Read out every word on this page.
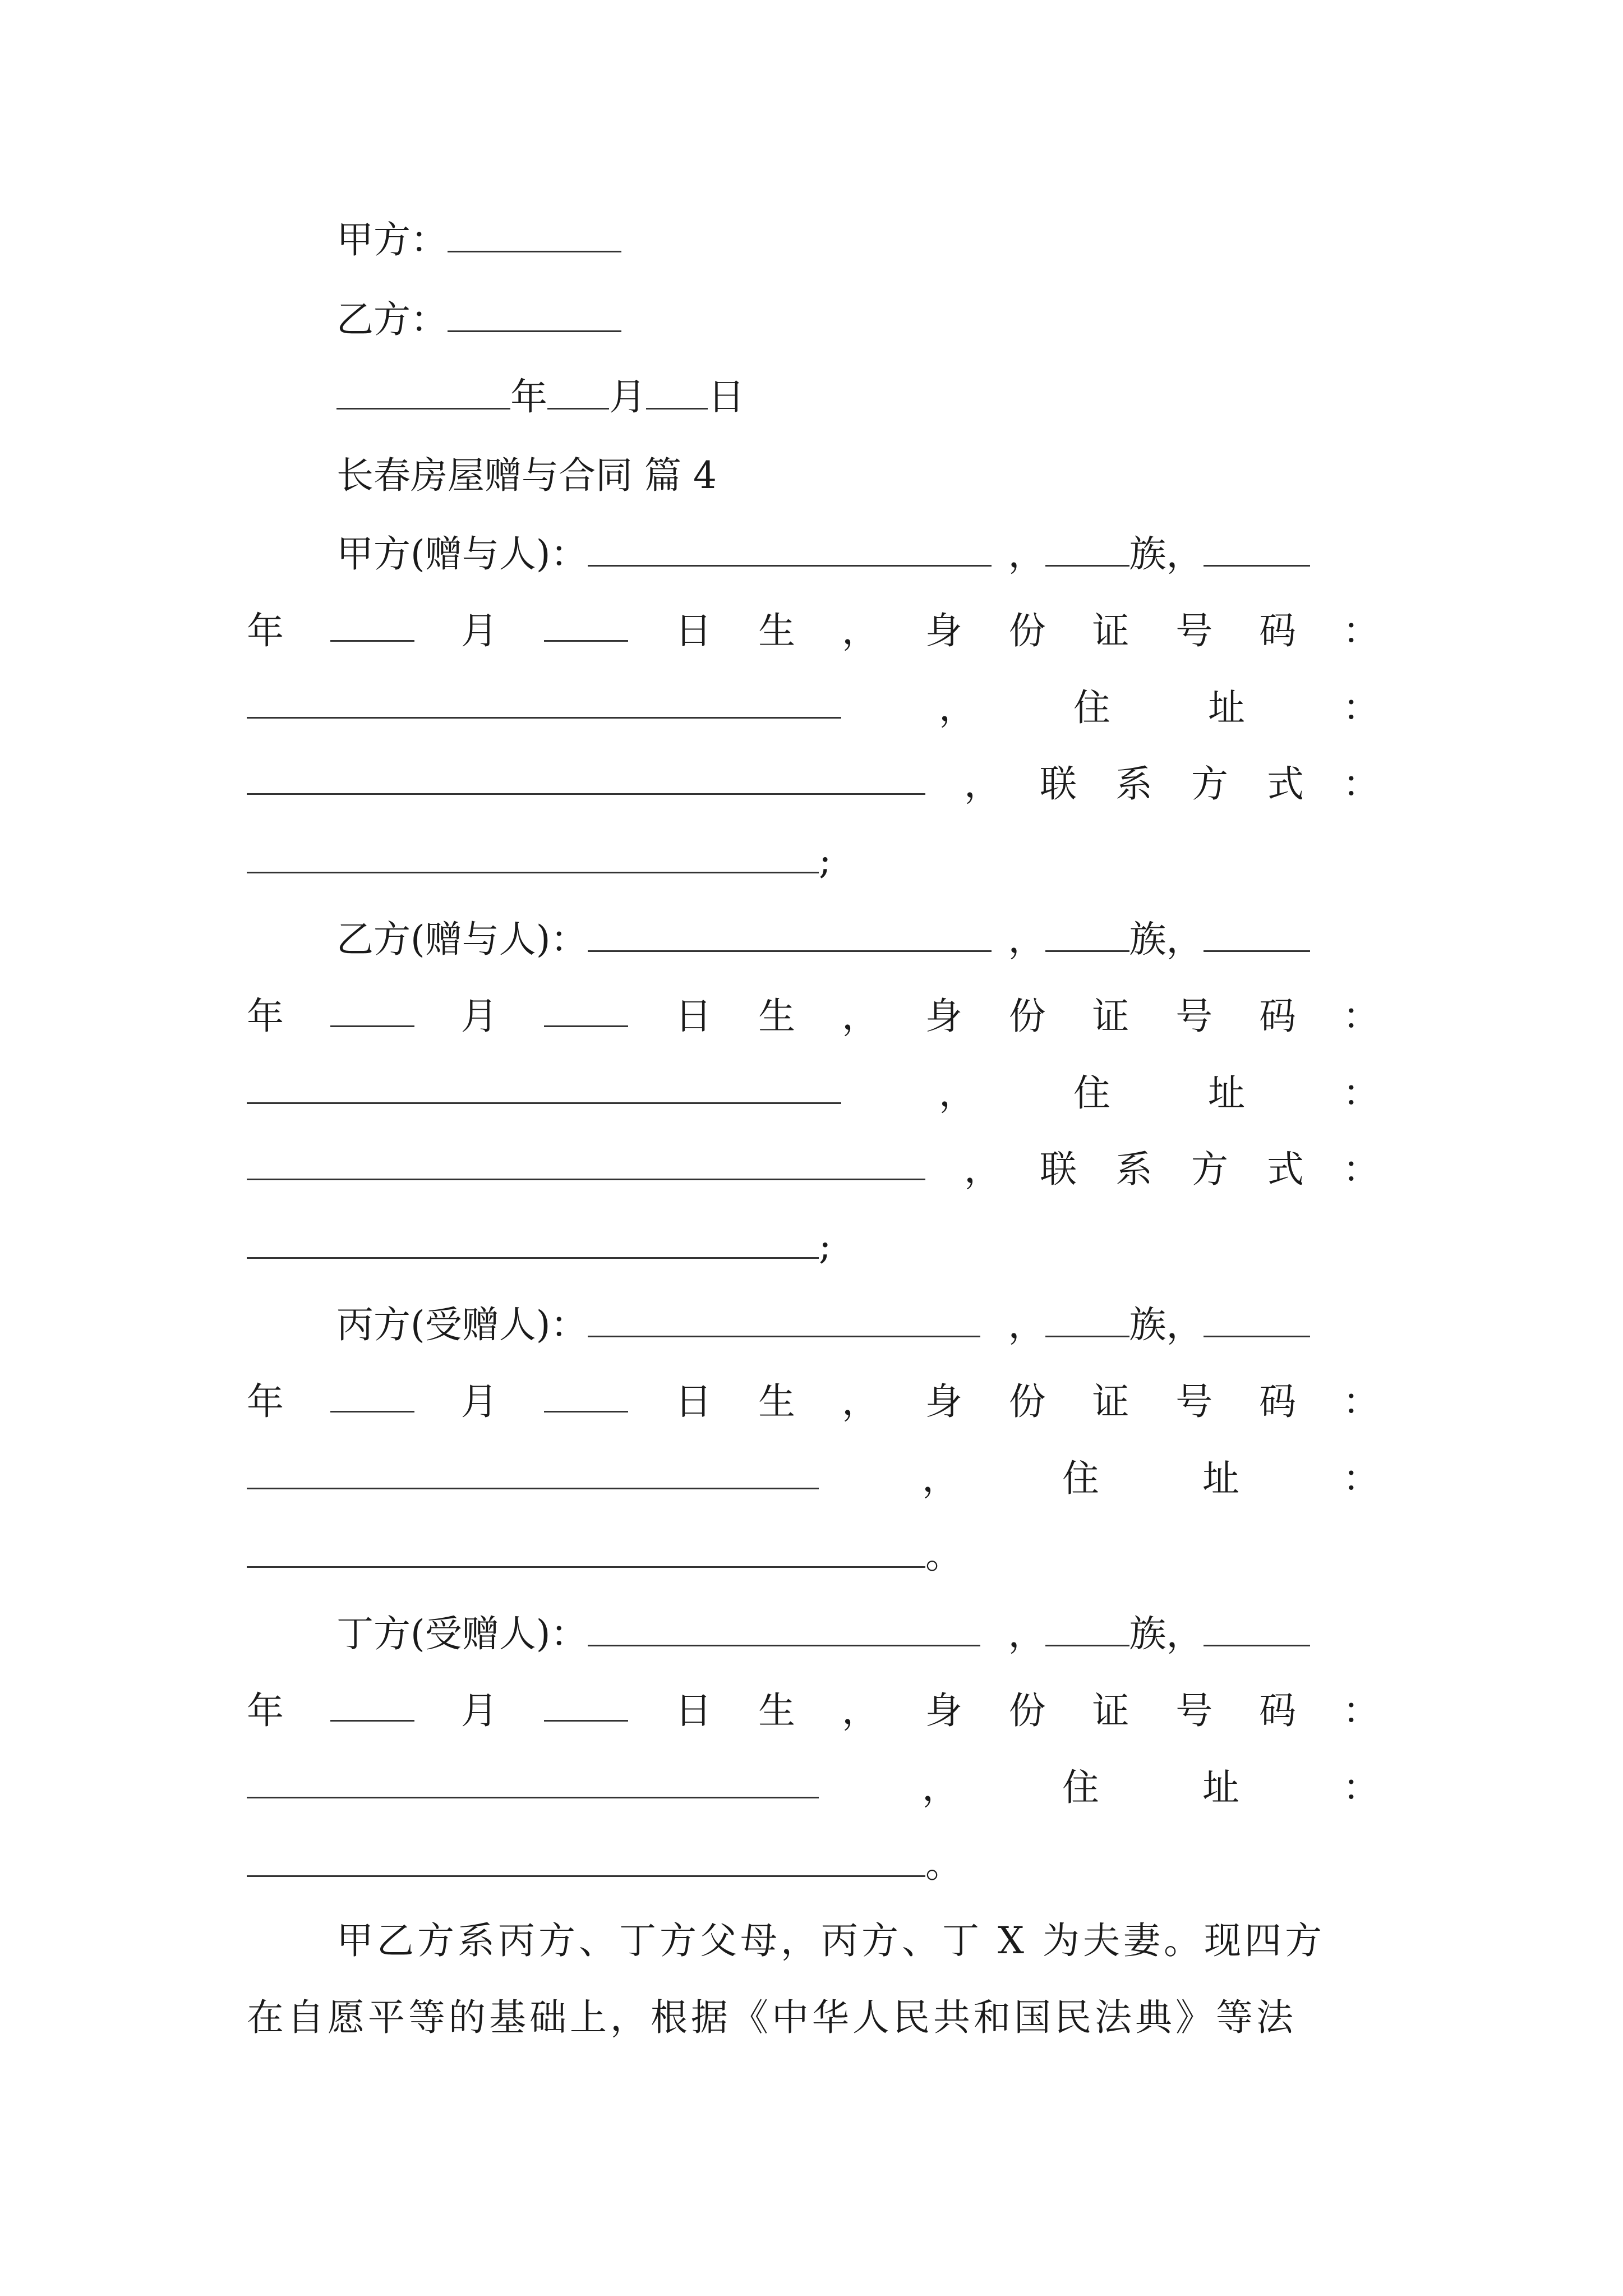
甲方：
乙方：
年 月 日
长春房屋赠与合同 篇 4
甲方(赠与人)：	， 族，
年	月	日 生 ， 身 份 证 号 码 ：
，	住	址	：
， 联 系 方 式 ：
;
乙方(赠与人)：	， 族，
年	月	日 生 ， 身 份 证 号 码 ：
，	住	址	：
， 联 系 方 式 ：
;
丙方(受赠人)：	， 族，
年	月	日 生 ， 身 份 证 号 码 ：
，	住	址	：
。
丁方(受赠人)：	， 族，
年	月	日 生 ， 身 份 证 号 码 ：
，	住	址	：
。
甲乙方系丙方、丁方父母，丙方、丁 X 为夫妻。现四方
在自愿平等的基础上，根据《中华人民共和国民法典》等法
